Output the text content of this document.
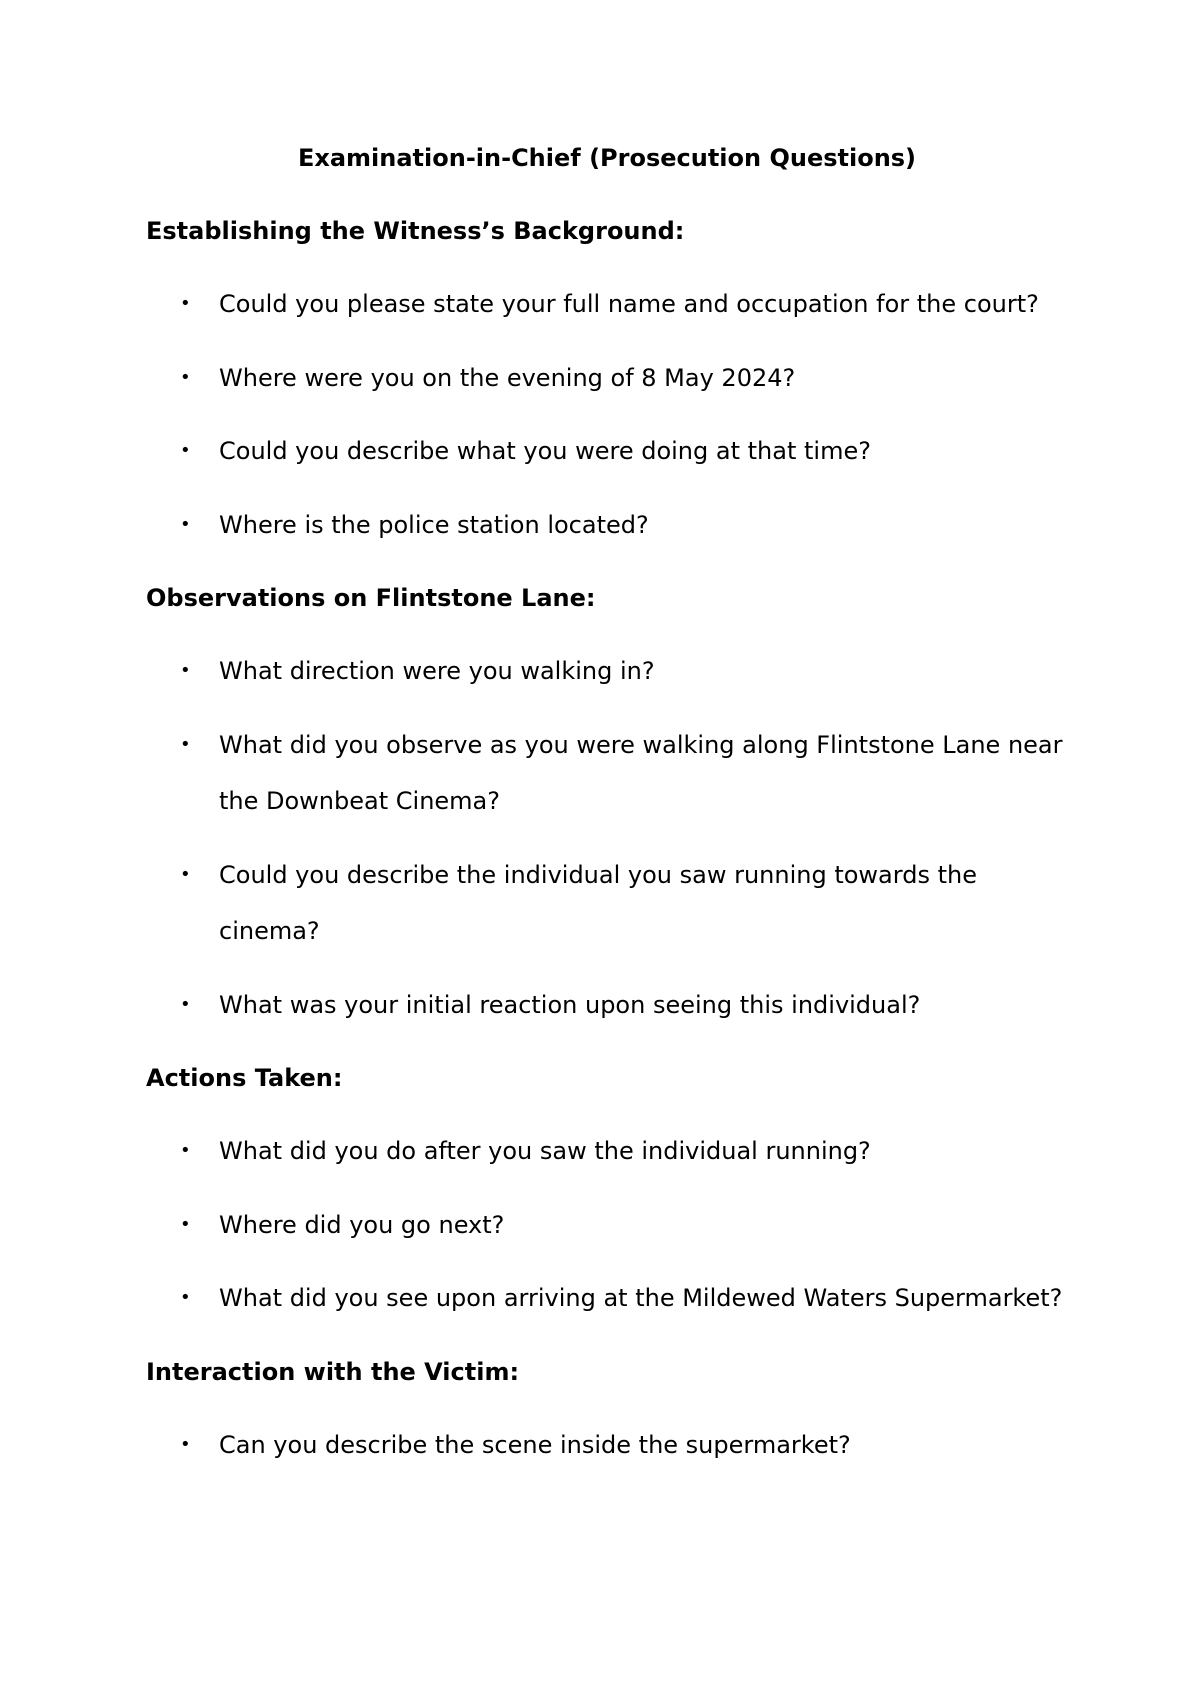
Examination-in-Chief (Prosecution Questions)
Establishing the Witness’s Background:
• Could you please state your full name and occupation for the court?
• Where were you on the evening of 8 May 2024?
• Could you describe what you were doing at that time?
• Where is the police station located?
Observations on Flintstone Lane:
• What direction were you walking in?
• What did you observe as you were walking along Flintstone Lane near the Downbeat Cinema?
• Could you describe the individual you saw running towards the cinema?
• What was your initial reaction upon seeing this individual?
Actions Taken:
• What did you do after you saw the individual running?
• Where did you go next?
• What did you see upon arriving at the Mildewed Waters Supermarket?
Interaction with the Victim:
• Can you describe the scene inside the supermarket?
